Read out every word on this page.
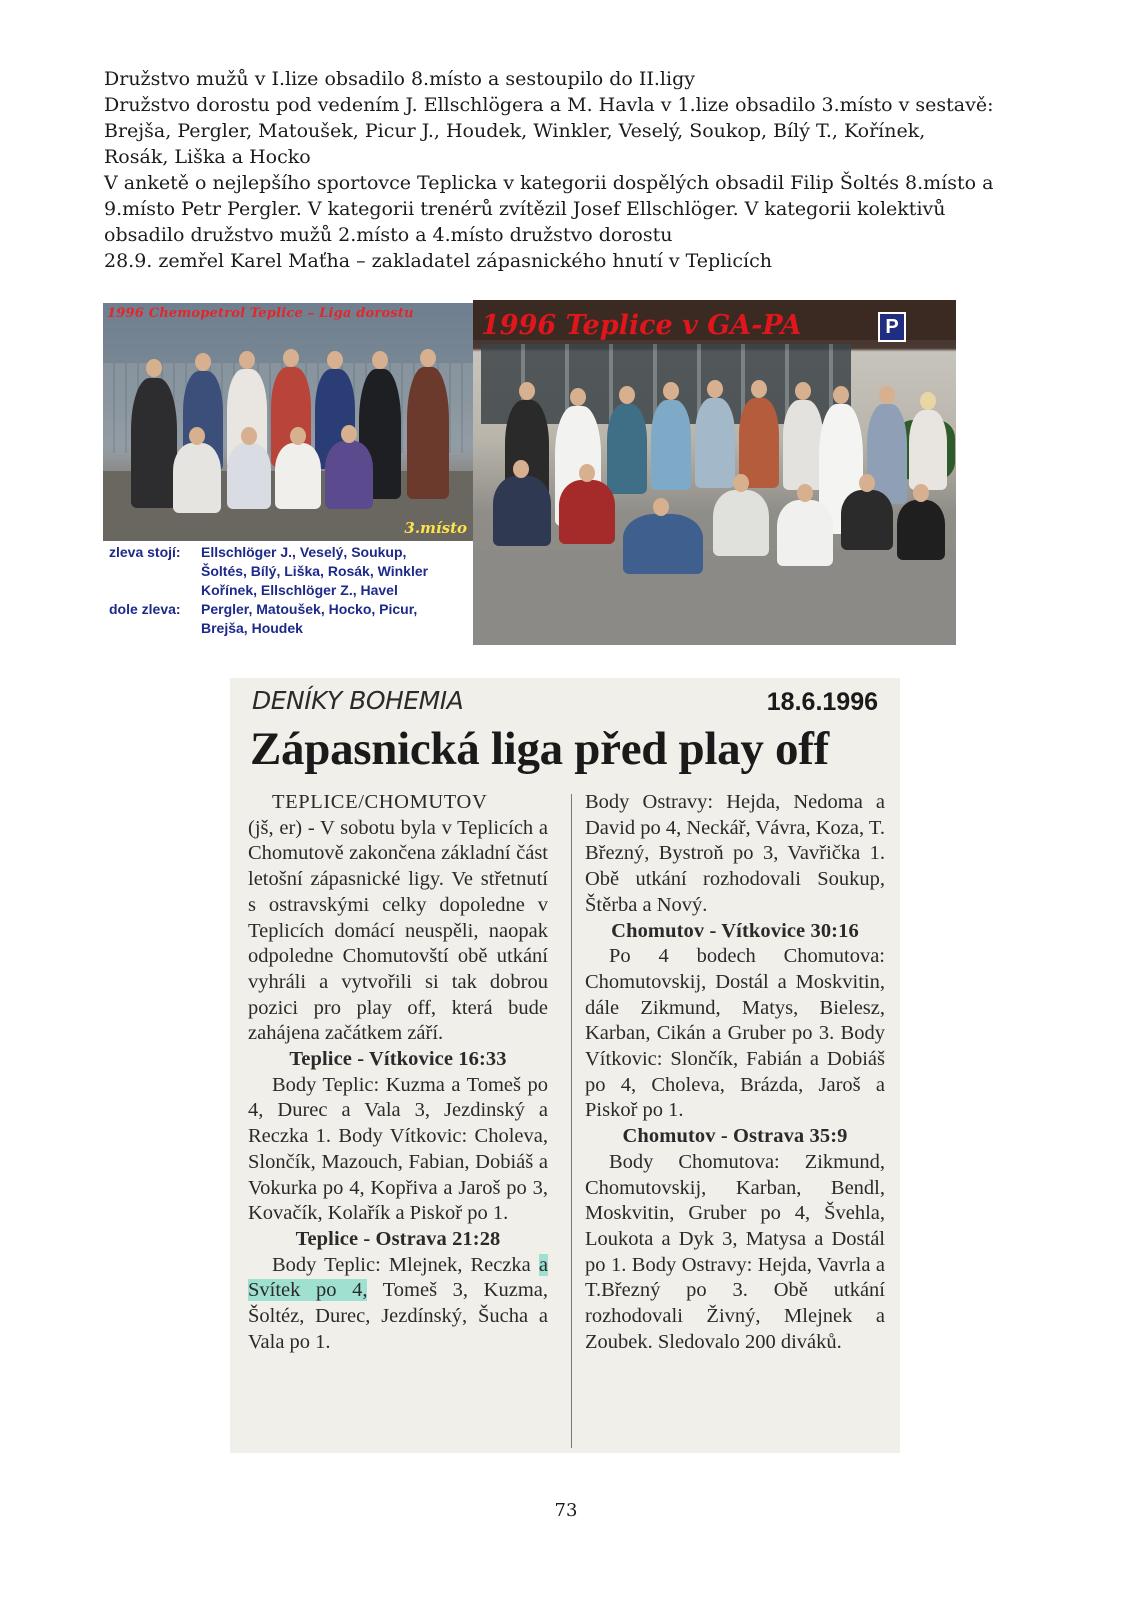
Družstvo mužů v I.lize obsadilo 8.místo a sestoupilo do II.ligy

Družstvo dorostu pod vedením J. Ellschlögera a M. Havla v 1.lize obsadilo 3.místo v sestavě:

Brejša, Pergler, Matoušek, Picur J., Houdek, Winkler, Veselý, Soukop, Bílý T., Kořínek,

Rosák, Liška a Hocko

V anketě o nejlepšího sportovce Teplicka v kategorii dospělých obsadil Filip Šoltés 8.místo a

9.místo Petr Pergler. V kategorii trenérů zvítězil Josef Ellschlöger. V kategorii kolektivů

obsadilo družstvo mužů 2.místo a 4.místo družstvo dorostu

28.9. zemřel Karel Maťha – zakladatel zápasnického hnutí v Teplicích

1996 Chemopetrol Teplice – Liga dorostu
3.místo
zleva stojí: Ellschlöger J., Veselý, Soukup,
Šoltés, Bílý, Liška, Rosák, Winkler
Kořínek, Ellschlöger Z., Havel
dole zleva: Pergler, Matoušek, Hocko, Picur,
Brejša, Houdek
P
1996 Teplice v GA-PA
DENÍKY BOHEMIA	18.6.1996
Zápasnická liga před play off

TEPLICE/CHOMUTOV

(jš, er) - V sobotu byla v Teplicích a Chomutově zakončena základní část letošní zápasnické ligy. Ve střetnutí s ostravskými celky dopoledne v Teplicích domácí neuspěli, naopak odpoledne Chomutovští obě utkání vyhráli a vytvořili si tak dobrou pozici pro play off, která bude zahájena začátkem září.

Teplice - Vítkovice 16:33

Body Teplic: Kuzma a Tomeš po 4, Durec a Vala 3, Jezdinský a Reczka 1. Body Vítkovic: Choleva, Slončík, Mazouch, Fabian, Dobiáš a Vokurka po 4, Kopřiva a Jaroš po 3, Kovačík, Kolařík a Piskoř po 1.

Teplice - Ostrava 21:28

Body Teplic: Mlejnek, Reczka a Svítek po 4, Tomeš 3, Kuzma, Šoltéz, Durec, Jezdínský, Šucha a Vala po 1.

Body Ostravy: Hejda, Nedoma a David po 4, Neckář, Vávra, Koza, T. Březný, Bystroň po 3, Vavřička 1. Obě utkání rozhodovali Soukup, Štěrba a Nový.

Chomutov - Vítkovice 30:16

Po 4 bodech Chomutova: Chomutovskij, Dostál a Moskvitin, dále Zikmund, Matys, Bielesz, Karban, Cikán a Gruber po 3. Body Vítkovic: Slončík, Fabián a Dobiáš po 4, Choleva, Brázda, Jaroš a Piskoř po 1.

Chomutov - Ostrava 35:9

Body Chomutova: Zikmund, Chomutovskij, Karban, Bendl, Moskvitin, Gruber po 4, Švehla, Loukota a Dyk 3, Matysa a Dostál po 1. Body Ostravy: Hejda, Vavrla a T.Březný po 3. Obě utkání rozhodovali Živný, Mlejnek a Zoubek. Sledovalo 200 diváků.

73
